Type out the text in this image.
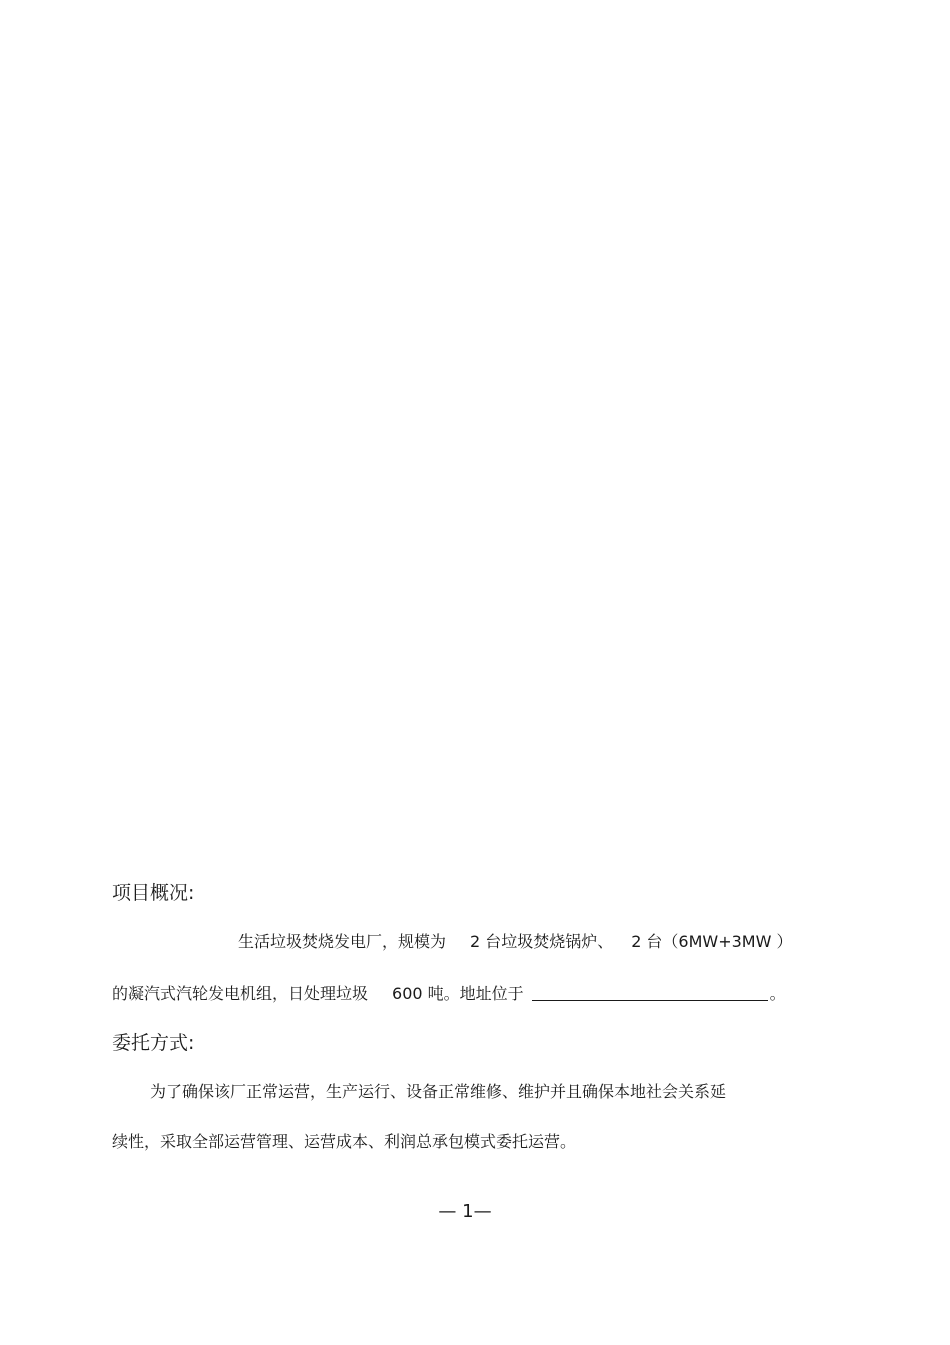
项目概况:
生活垃圾焚烧发电厂，规模为 2 台垃圾焚烧锅炉、 2 台（6MW+3MW ）
的凝汽式汽轮发电机组，日处理垃圾 600 吨。地址位于	。
委托方式:
为了确保该厂正常运营，生产运行、设备正常维修、维护并且确保本地社会关系延
续性，采取全部运营管理、运营成本、利润总承包模式委托运营。
— 1—
